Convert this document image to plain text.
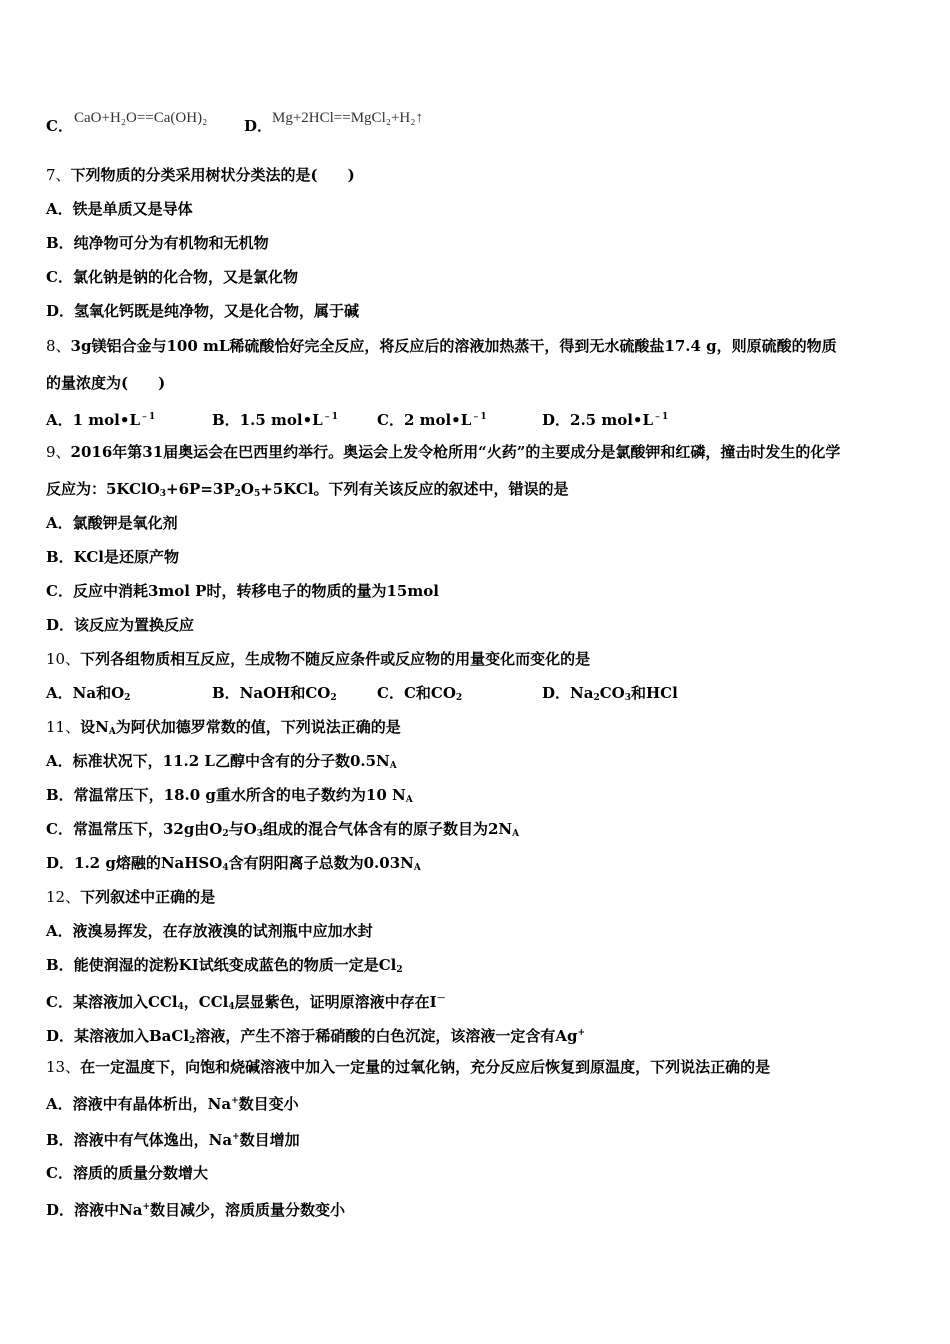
C． CaO+H₂O==Ca(OH)₂ D． Mg+2HCl==MgCl₂+H₂↑
7、下列物质的分类采用树状分类法的是(　　)
A．铁是单质又是导体
B．纯净物可分为有机物和无机物
C．氯化钠是钠的化合物，又是氯化物
D．氢氧化钙既是纯净物，又是化合物，属于碱
8、3g镁铝合金与100 mL稀硫酸恰好完全反应，将反应后的溶液加热蒸干，得到无水硫酸盐17.4 g，则原硫酸的物质
的量浓度为(　　)
A．1 $mol•L^{﹣1}$	B．1.5 $mol•L^{﹣1}$	C．2 $mol•L^{﹣1}$	D．2.5 $mol•L^{﹣1}$
9、2016年第31届奥运会在巴西里约举行。奥运会上发令枪所用“火药”的主要成分是氯酸钾和红磷，撞击时发生的化学
反应为：$5KClO_3+6P=3P_2O_5+5KCl$。下列有关该反应的叙述中，错误的是
A．氯酸钾是氧化剂
B．KCl是还原产物
C．反应中消耗3mol P时，转移电子的物质的量为15mol
D．该反应为置换反应
10、下列各组物质相互反应，生成物不随反应条件或反应物的用量变化而变化的是
A．Na和$O_2$	B．NaOH和$CO_2$	C．C和$CO_2$	D．$Na_2CO_3$和HCl
11、设$N_A$为阿伏加德罗常数的值，下列说法正确的是
A．标准状况下，11.2 L乙醇中含有的分子数$0.5N_A$
B．常温常压下，18.0 g重水所含的电子数约为10 $N_A$
C．常温常压下，32g由$O_2$与$O_3$组成的混合气体含有的原子数目为$2N_A$
D．1.2 g熔融的NaHSO$_4$含有阴阳离子总数为$0.03N_A$
12、下列叙述中正确的是
A．液溴易挥发，在存放液溴的试剂瓶中应加水封
B．能使润湿的淀粉KI试纸变成蓝色的物质一定是$Cl_2$
C．某溶液加入CCl$_4$，CCl$_4$层显紫色，证明原溶液中存在I－
D．某溶液加入BaCl$_2$溶液，产生不溶于稀硝酸的白色沉淀，该溶液一定含有Ag+
13、在一定温度下，向饱和烧碱溶液中加入一定量的过氧化钠，充分反应后恢复到原温度，下列说法正确的是
A．溶液中有晶体析出，Na+数目变小
B．溶液中有气体逸出，Na+数目增加
C．溶质的质量分数增大
D．溶液中Na+数目减少，溶质质量分数变小
